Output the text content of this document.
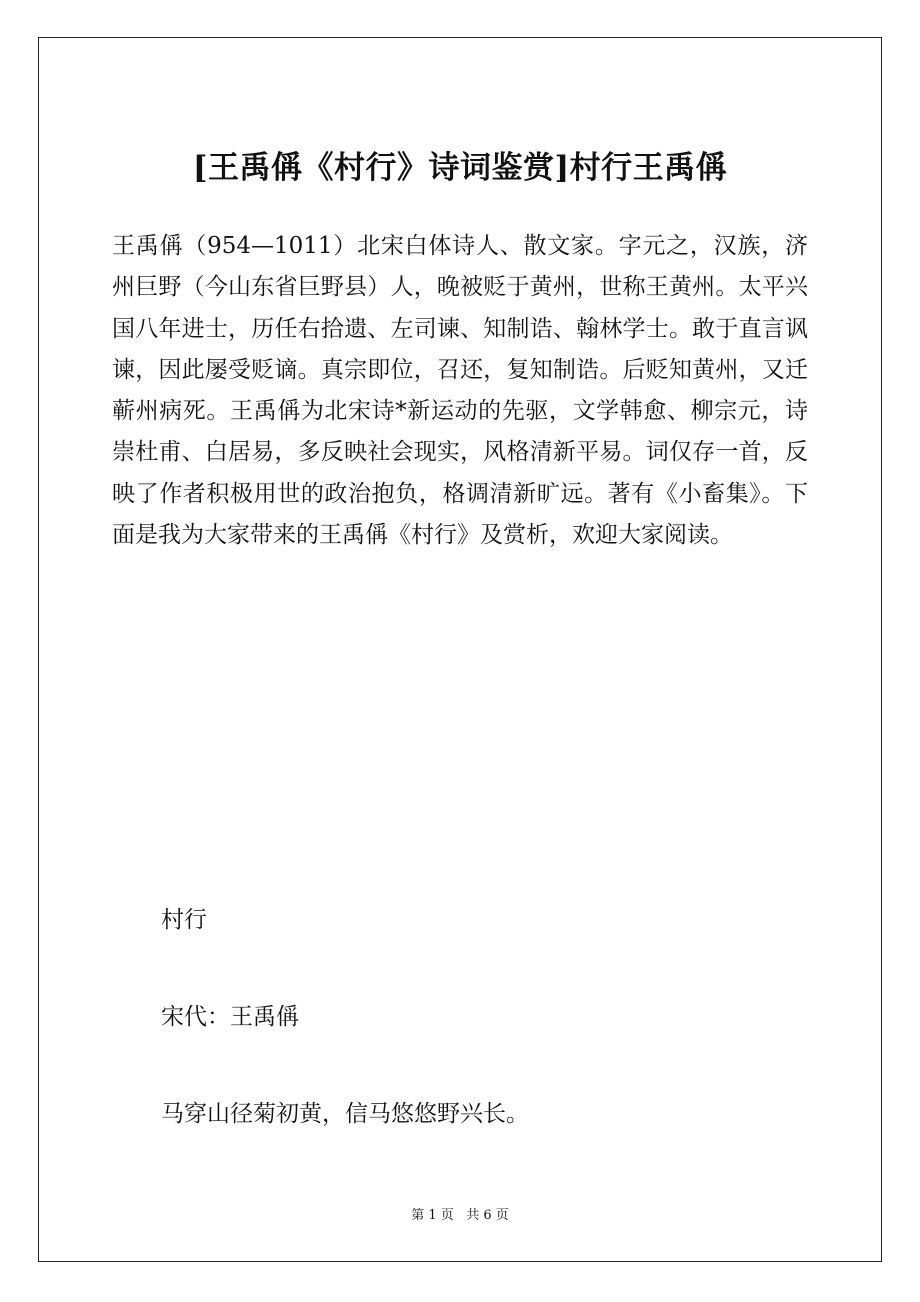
[王禹偁《村行》诗词鉴赏]村行王禹偁

王禹偁（954—1011）北宋白体诗人、散文家。字元之，汉族，济州巨野（今山东省巨野县）人，晚被贬于黄州，世称王黄州。太平兴国八年进士，历任右拾遗、左司谏、知制诰、翰林学士。敢于直言讽谏，因此屡受贬谪。真宗即位，召还，复知制诰。后贬知黄州，又迁蕲州病死。王禹偁为北宋诗*新运动的先驱，文学韩愈、柳宗元，诗崇杜甫、白居易，多反映社会现实，风格清新平易。词仅存一首，反映了作者积极用世的政治抱负，格调清新旷远。著有《小畜集》。下面是我为大家带来的王禹偁《村行》及赏析，欢迎大家阅读。

村行

宋代：王禹偁

马穿山径菊初黄，信马悠悠野兴长。

第 1 页   共 6 页
